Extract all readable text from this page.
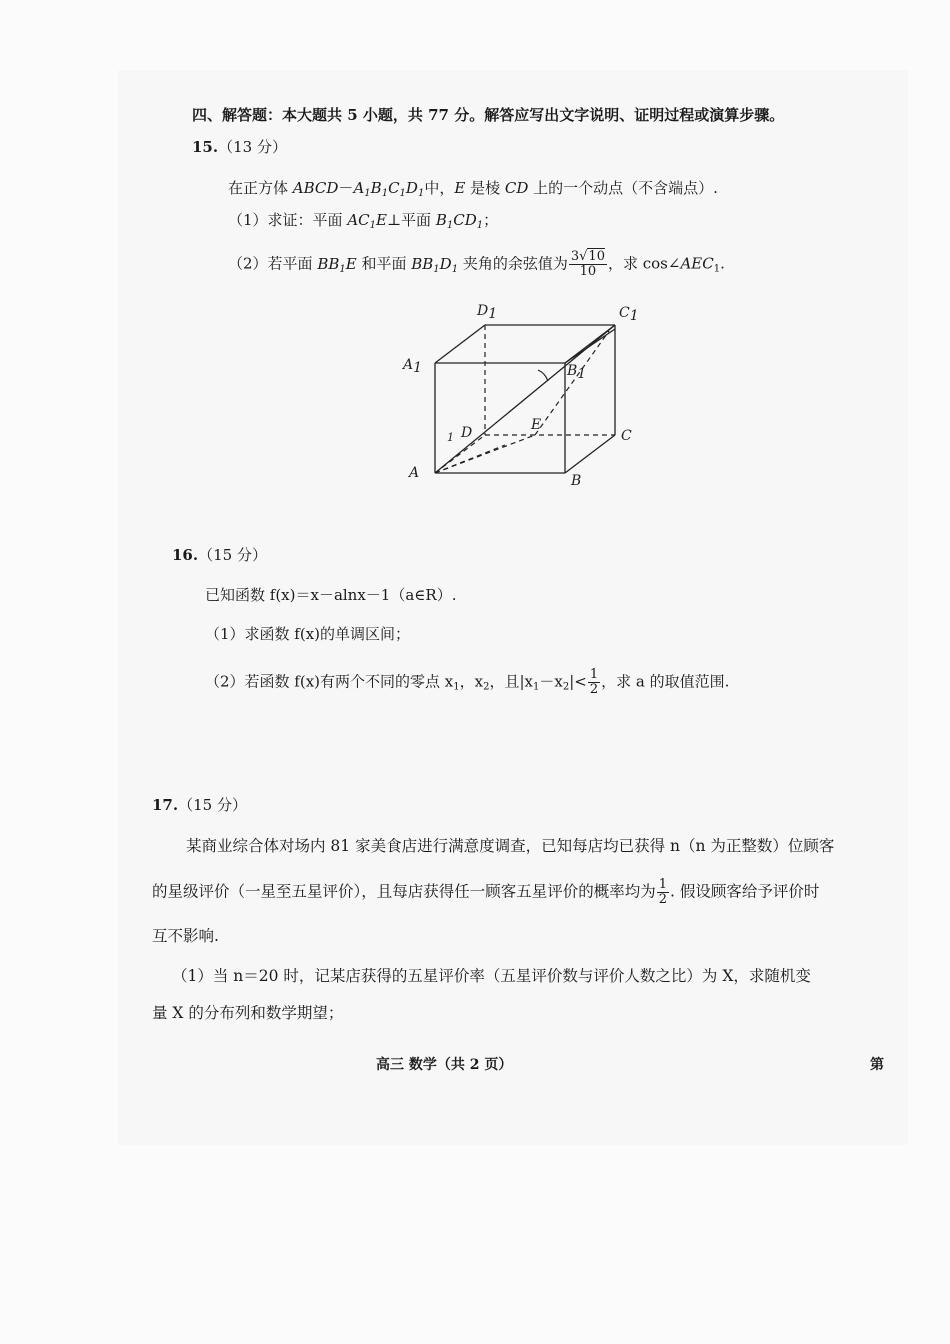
四、解答题：本大题共 5 小题，共 77 分。解答应写出文字说明、证明过程或演算步骤。
15.（13 分）
在正方体 $ABCD-A_1B_1C_1D_1$中，E 是棱 CD 上的一个动点（不含端点）.
（1）求证：平面 $AC_1E\perp$平面 $B_1CD_1$；
（2）若平面 $BB_1E$ 和平面 $BB_1D_1$ 夹角的余弦值为 $\frac{3√10}{10}$ ，求 $\cos\angle AEC_1$.
D1	C1
A1	B1
D
1
E
C
A	B
16.（15 分）
已知函数 f(x)＝x－alnx－1（a∈R）.
（1）求函数 f(x)的单调区间；
（2）若函数 f(x)有两个不同的零点 $x_1$，$x_2$，且$|x_1-x_2|< \frac{1}{2}$ ，求 a 的取值范围.
17.（15 分）
某商业综合体对场内 81 家美食店进行满意度调查，已知每店均已获得 n（n 为正整数）位顾客
的星级评价（一星至五星评价），且每店获得任一顾客五星评价的概率均为 $\frac{1}{2}$ . 假设顾客给予评价时
互不影响.
（1）当 n＝20 时，记某店获得的五星评价率（五星评价数与评价人数之比）为 X，求随机变
量 X 的分布列和数学期望；
高三 数学（共 2 页）	第
